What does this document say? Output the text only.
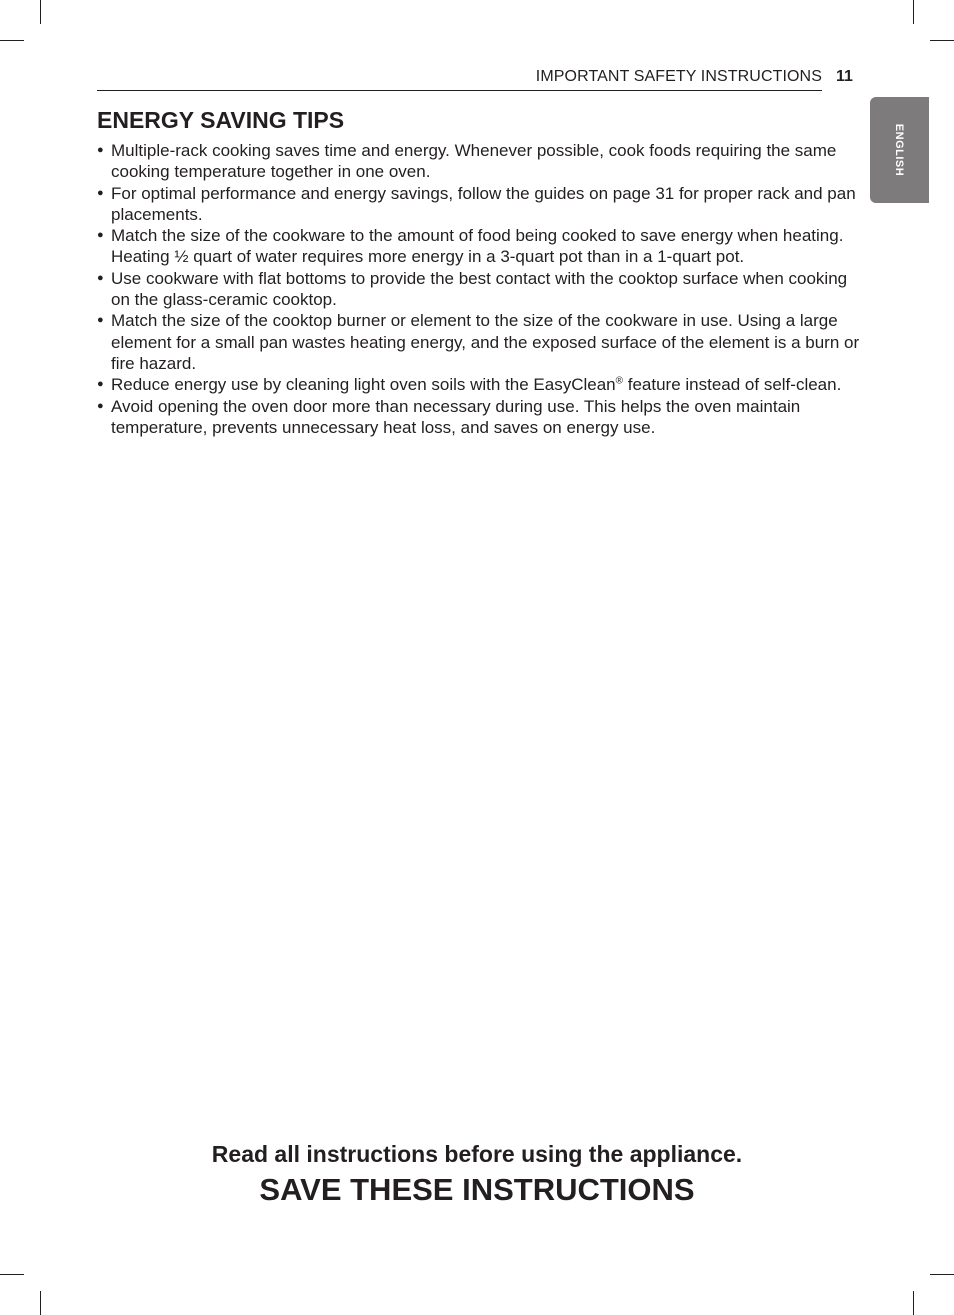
IMPORTANT SAFETY INSTRUCTIONS 11
ENGLISH
ENERGY SAVING TIPS
● Multiple-rack cooking saves time and energy. Whenever possible, cook foods requiring the same cooking temperature together in one oven.
● For optimal performance and energy savings, follow the guides on page 31 for proper rack and pan placements.
● Match the size of the cookware to the amount of food being cooked to save energy when heating. Heating ½ quart of water requires more energy in a 3-quart pot than in a 1-quart pot.
● Use cookware with flat bottoms to provide the best contact with the cooktop surface when cooking on the glass-ceramic cooktop.
● Match the size of the cooktop burner or element to the size of the cookware in use. Using a large element for a small pan wastes heating energy, and the exposed surface of the element is a burn or fire hazard.
● Reduce energy use by cleaning light oven soils with the EasyClean® feature instead of self-clean.
● Avoid opening the oven door more than necessary during use. This helps the oven maintain temperature, prevents unnecessary heat loss, and saves on energy use.
Read all instructions before using the appliance.
SAVE THESE INSTRUCTIONS
